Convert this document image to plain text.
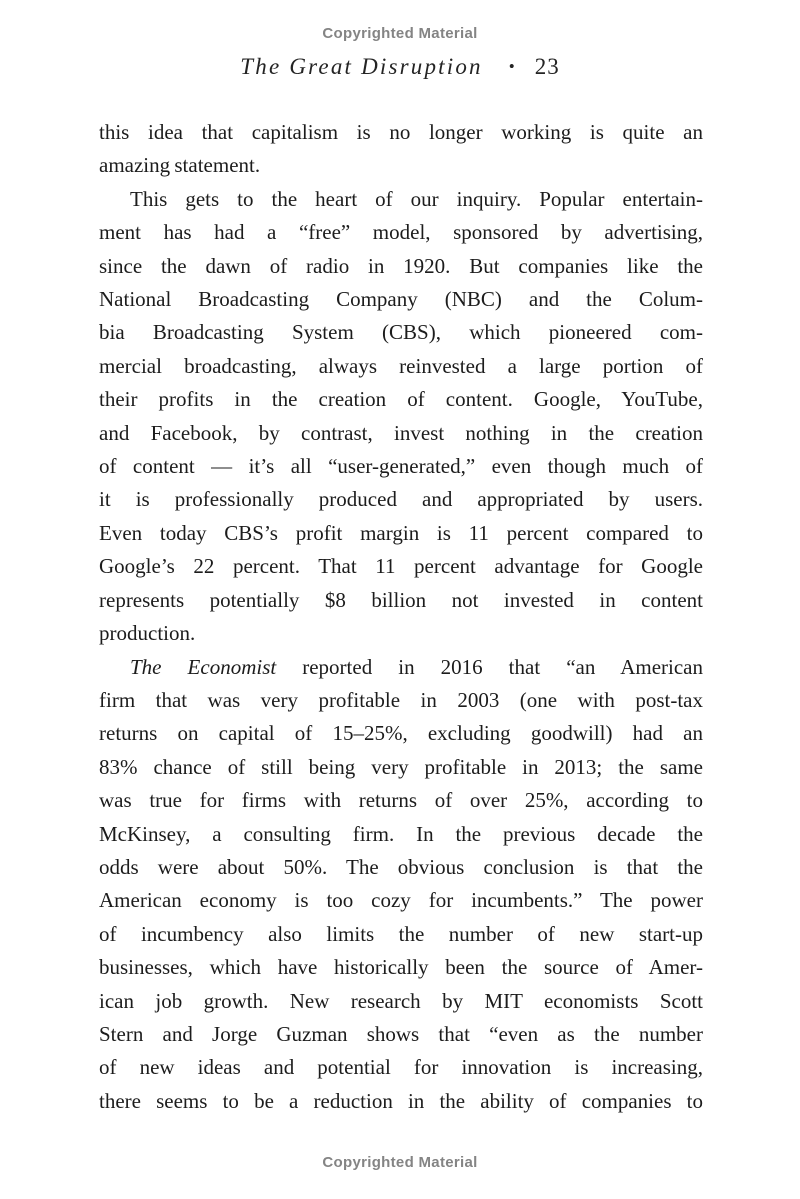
Copyrighted Material
The Great Disruption • 23
this idea that capitalism is no longer working is quite an
amazing statement.
This gets to the heart of our inquiry. Popular entertain-
ment has had a “free” model, sponsored by advertising,
since the dawn of radio in 1920. But companies like the
National Broadcasting Company (NBC) and the Colum-
bia Broadcasting System (CBS), which pioneered com-
mercial broadcasting, always reinvested a large portion of
their profits in the creation of content. Google, YouTube,
and Facebook, by contrast, invest nothing in the creation
of content — it’s all “user-generated,” even though much of
it is professionally produced and appropriated by users.
Even today CBS’s profit margin is 11 percent compared to
Google’s 22 percent. That 11 percent advantage for Google
represents potentially $8 billion not invested in content
production.
The Economist reported in 2016 that “an American
firm that was very profitable in 2003 (one with post-tax
returns on capital of 15–25%, excluding goodwill) had an
83% chance of still being very profitable in 2013; the same
was true for firms with returns of over 25%, according to
McKinsey, a consulting firm. In the previous decade the
odds were about 50%. The obvious conclusion is that the
American economy is too cozy for incumbents.” The power
of incumbency also limits the number of new start-up
businesses, which have historically been the source of Amer-
ican job growth. New research by MIT economists Scott
Stern and Jorge Guzman shows that “even as the number
of new ideas and potential for innovation is increasing,
there seems to be a reduction in the ability of companies to
Copyrighted Material
